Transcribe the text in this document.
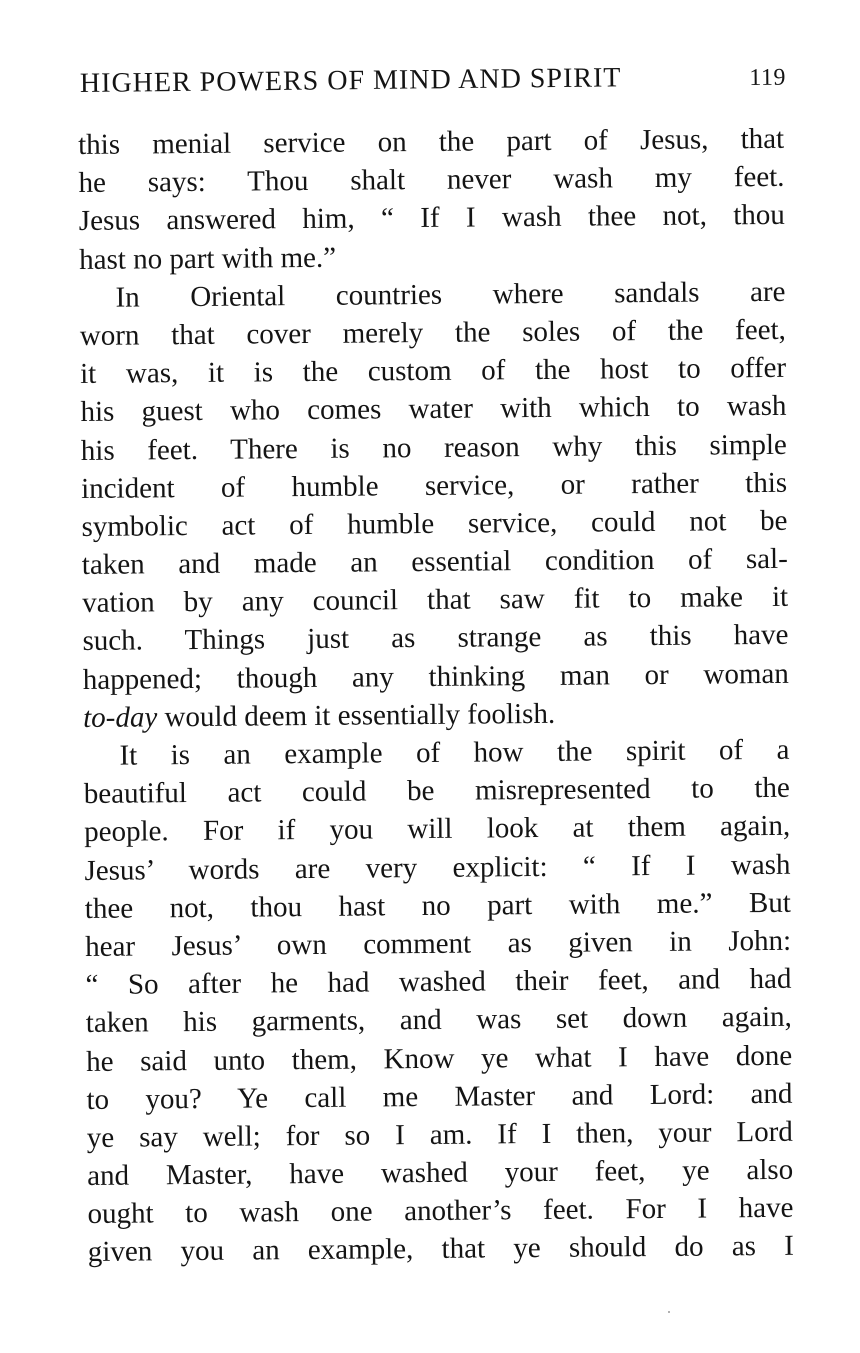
HIGHER POWERS OF MIND AND SPIRIT	119
this menial service on the part of Jesus, that
he says: Thou shalt never wash my feet.
Jesus answered him, “ If I wash thee not, thou
hast no part with me.”
In Oriental countries where sandals are
worn that cover merely the soles of the feet,
it was, it is the custom of the host to offer
his guest who comes water with which to wash
his feet. There is no reason why this simple
incident of humble service, or rather this
symbolic act of humble service, could not be
taken and made an essential condition of sal-
vation by any council that saw fit to make it
such. Things just as strange as this have
happened; though any thinking man or woman
to-day would deem it essentially foolish.
It is an example of how the spirit of a
beautiful act could be misrepresented to the
people. For if you will look at them again,
Jesus’ words are very explicit: “ If I wash
thee not, thou hast no part with me.” But
hear Jesus’ own comment as given in John:
“ So after he had washed their feet, and had
taken his garments, and was set down again,
he said unto them, Know ye what I have done
to you? Ye call me Master and Lord: and
ye say well; for so I am. If I then, your Lord
and Master, have washed your feet, ye also
ought to wash one another’s feet. For I have
given you an example, that ye should do as I
